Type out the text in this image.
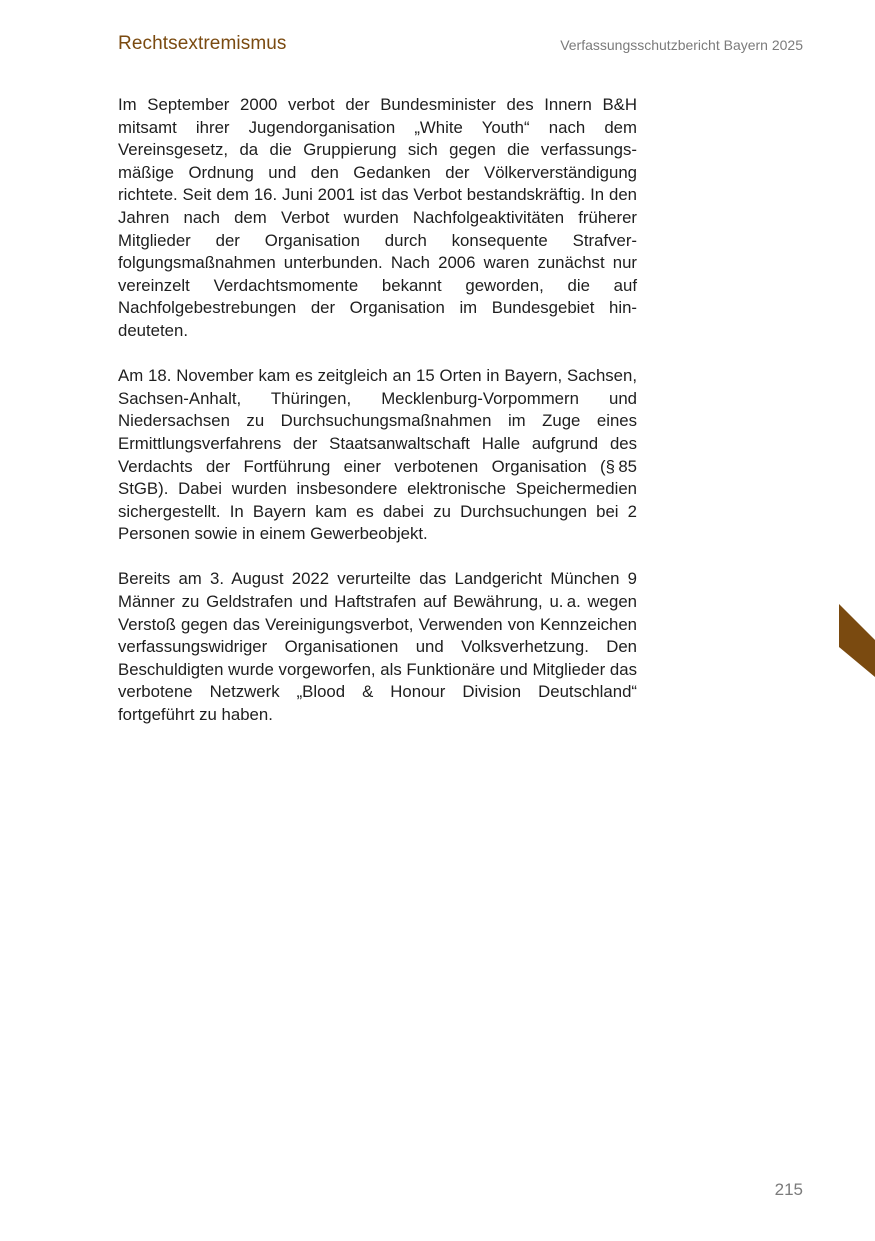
Rechtsextremismus	Verfassungsschutzbericht Bayern 2025

Im September 2000 verbot der Bundesminister des Innern B&H mitsamt ihrer Jugendorganisation „White Youth“ nach dem Vereinsgesetz, da die Gruppierung sich gegen die verfassungsmäßige Ordnung und den Gedanken der Völkerverständigung richtete. Seit dem 16. Juni 2001 ist das Verbot bestandskräftig. In den Jahren nach dem Verbot wurden Nachfolgeaktivitäten früherer Mitglieder der Organisation durch konsequente Strafverfolgungsmaßnahmen unterbunden. Nach 2006 waren zunächst nur vereinzelt Verdachtsmomente bekannt geworden, die auf Nachfolgebestrebungen der Organisation im Bundesgebiet hindeuteten.

Am 18. November kam es zeitgleich an 15 Orten in Bayern, Sachsen, Sachsen-Anhalt, Thüringen, Mecklenburg-Vorpommern und Niedersachsen zu Durchsuchungsmaßnahmen im Zuge eines Ermittlungsverfahrens der Staatsanwaltschaft Halle aufgrund des Verdachts der Fortführung einer verbotenen Organisation (§ 85 StGB). Dabei wurden insbesondere elektronische Speichermedien sichergestellt. In Bayern kam es dabei zu Durchsuchungen bei 2 Personen sowie in einem Gewerbeobjekt.

Bereits am 3. August 2022 verurteilte das Landgericht München 9 Männer zu Geldstrafen und Haftstrafen auf Bewährung, u. a. wegen Verstoß gegen das Vereinigungsverbot, Verwenden von Kennzeichen verfassungswidriger Organisationen und Volksverhetzung. Den Beschuldigten wurde vorgeworfen, als Funktionäre und Mitglieder das verbotene Netzwerk „Blood & Honour Division Deutschland“ fortgeführt zu haben.

215
